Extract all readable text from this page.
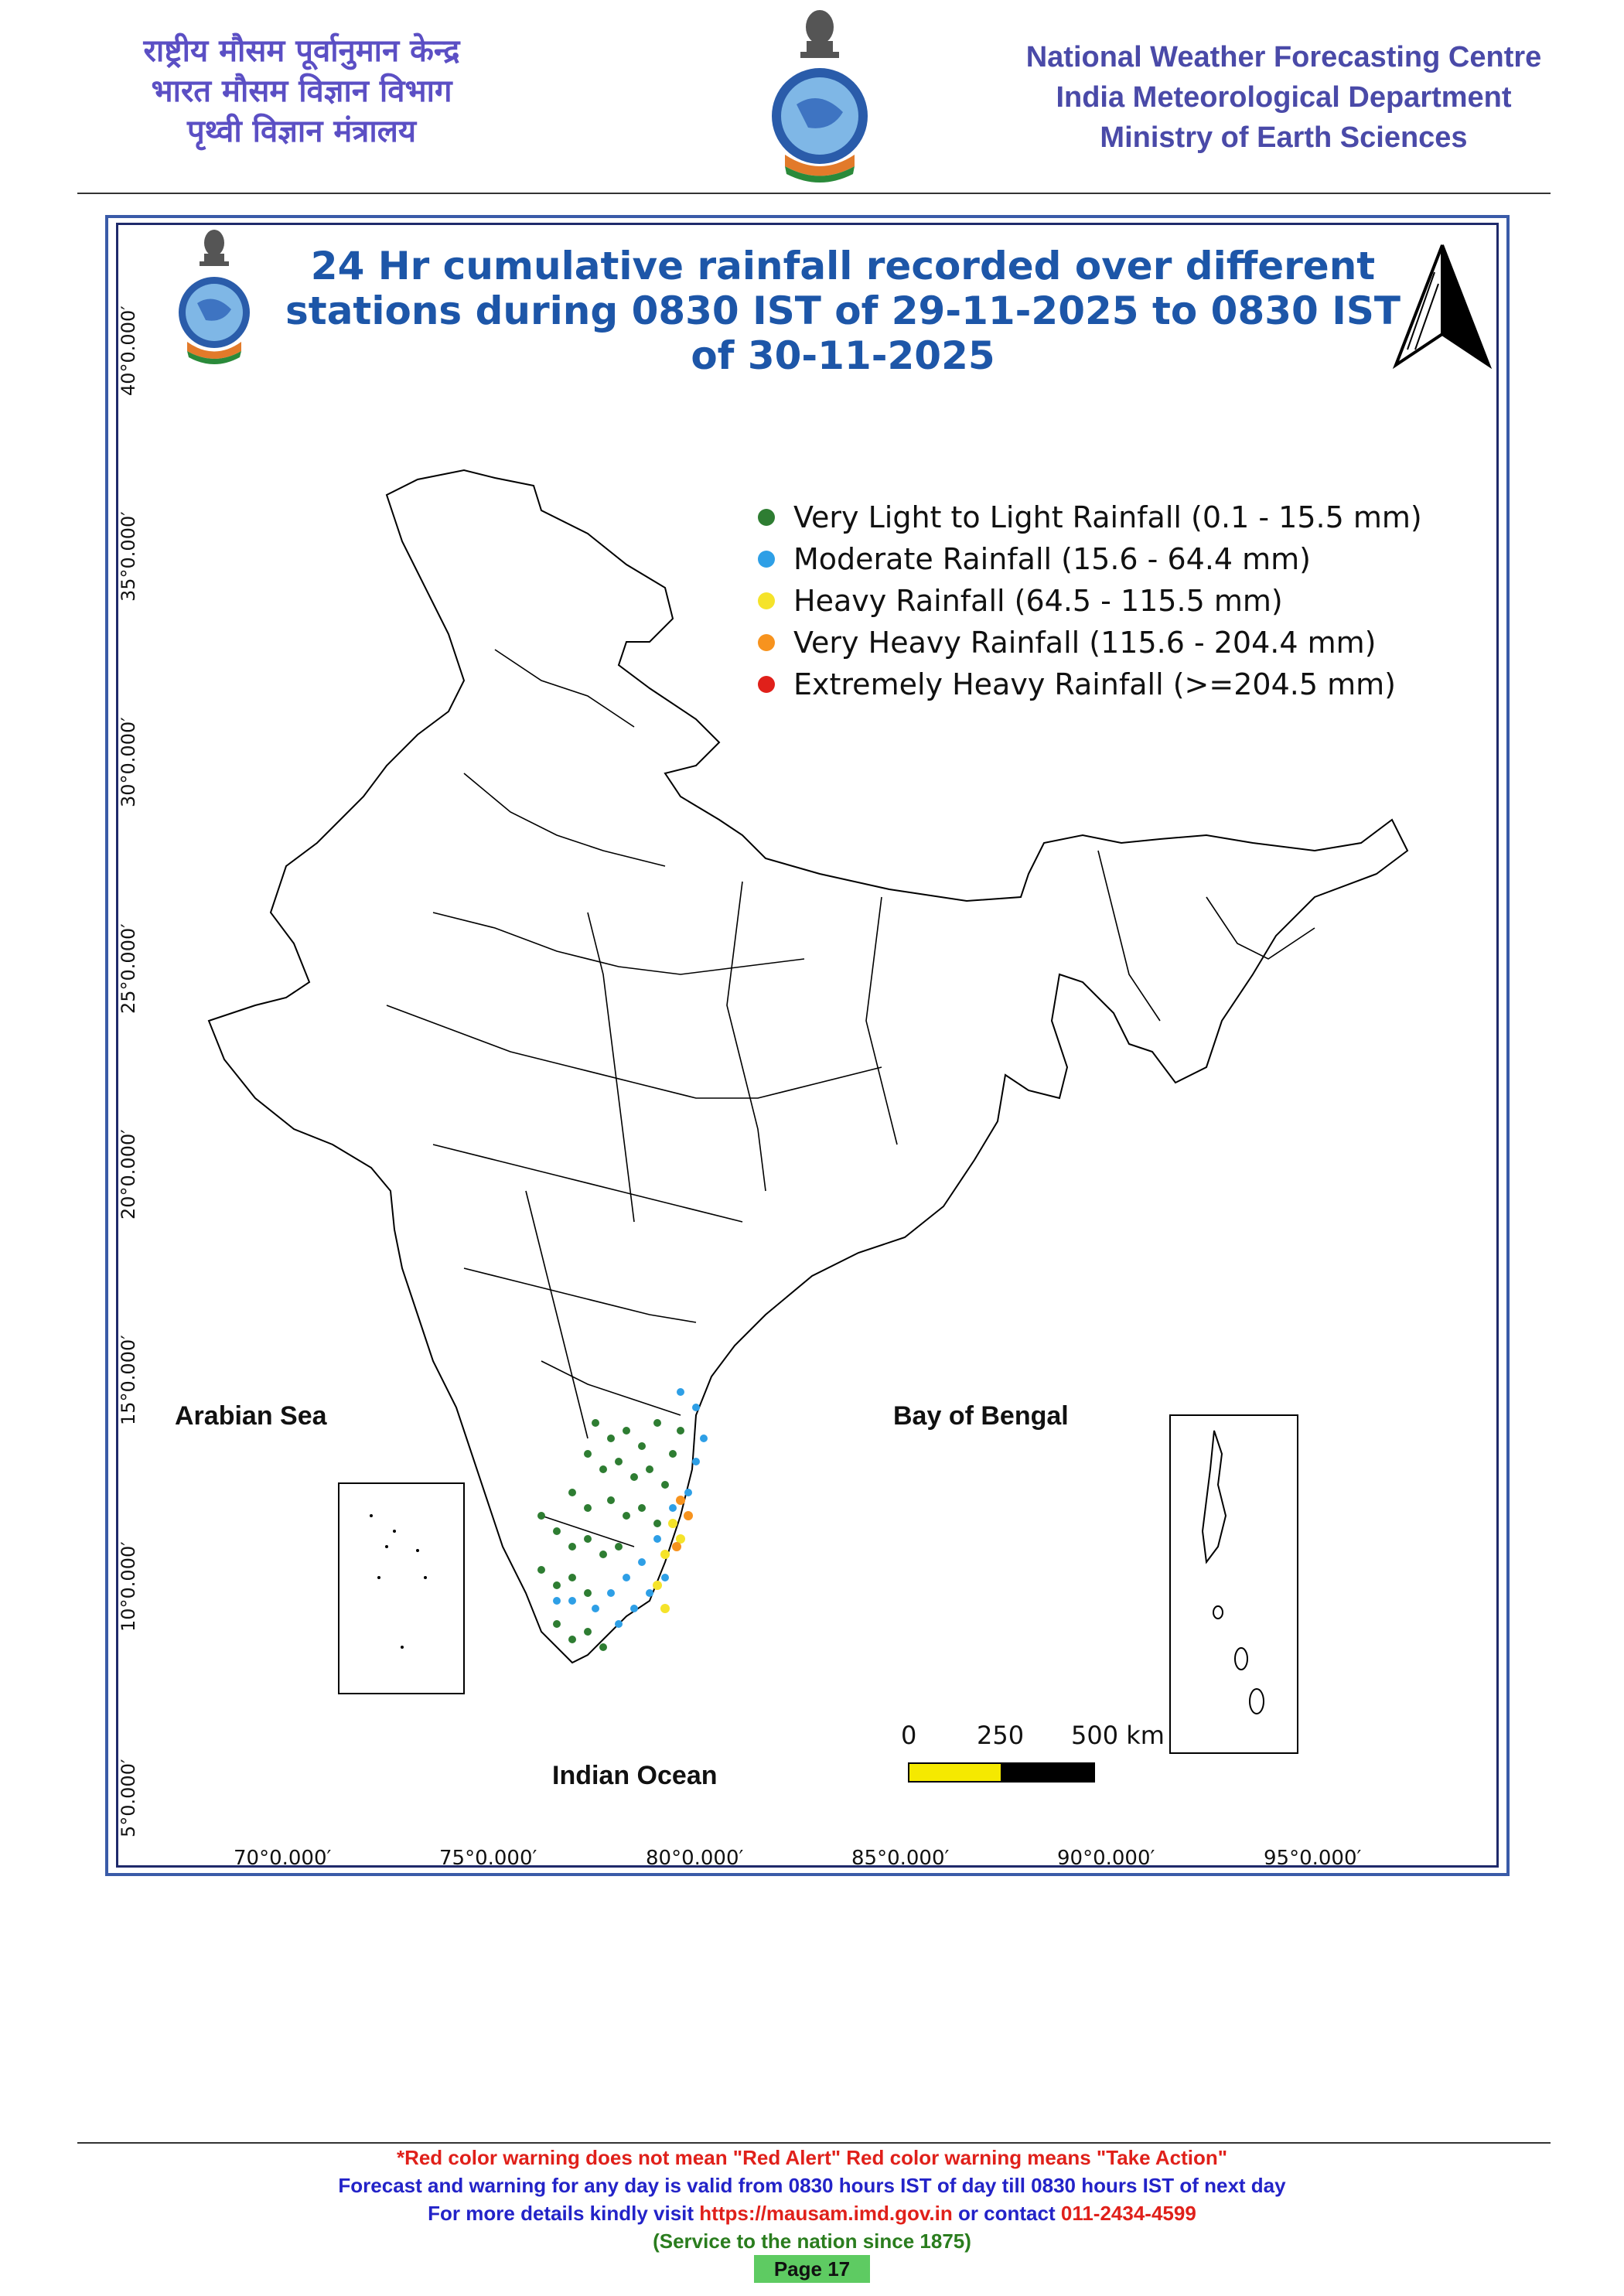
राष्ट्रीय मौसम पूर्वानुमान केन्द्र
भारत मौसम विज्ञान विभाग
पृथ्वी विज्ञान मंत्रालय
National Weather Forecasting Centre
India Meteorological Department
Ministry of Earth Sciences
24 Hr cumulative rainfall recorded over different stations during 0830 IST of 29-11-2025 to 0830 IST of 30-11-2025
Very Light to Light Rainfall (0.1 - 15.5 mm)
Moderate Rainfall (15.6 - 64.4 mm)
Heavy Rainfall (64.5 - 115.5 mm)
Very Heavy Rainfall (115.6 - 204.4 mm)
Extremely Heavy Rainfall (>=204.5 mm)
40°0.000′
35°0.000′
30°0.000′
25°0.000′
20°0.000′
15°0.000′
10°0.000′
5°0.000′
70°0.000′	75°0.000′	80°0.000′	85°0.000′	90°0.000′	95°0.000′
Arabian Sea	Bay of Bengal
Indian Ocean
0 250 500 km
*Red color warning does not mean "Red Alert" Red color warning means "Take Action"
Forecast and warning for any day is valid from 0830 hours IST of day till 0830 hours IST of next day
For more details kindly visit https://mausam.imd.gov.in or contact 011-2434-4599
(Service to the nation since 1875)
Page 17
